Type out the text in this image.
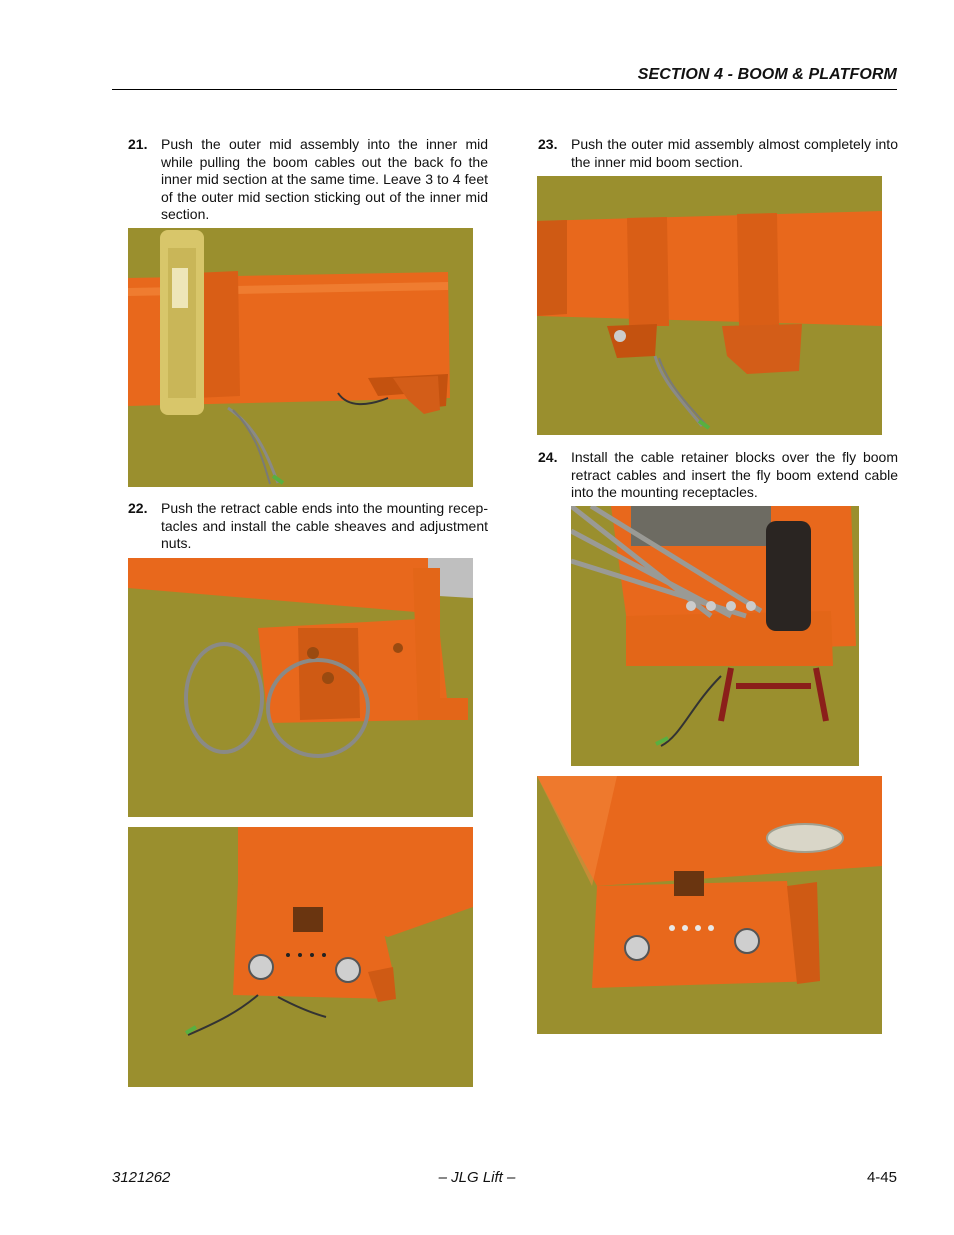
SECTION 4 - BOOM & PLATFORM
21. Push the outer mid assembly into the inner mid while pulling the boom cables out the back fo the inner mid section at the same time. Leave 3 to 4 feet of the outer mid section sticking out of the inner mid section.
22. Push the retract cable ends into the mounting recep-tacles and install the cable sheaves and adjustment nuts.
23. Push the outer mid assembly almost completely into the inner mid boom section.
24. Install the cable retainer blocks over the fly boom retract cables and insert the fly boom extend cable into the mounting receptacles.
3121262	– JLG Lift –	4-45
